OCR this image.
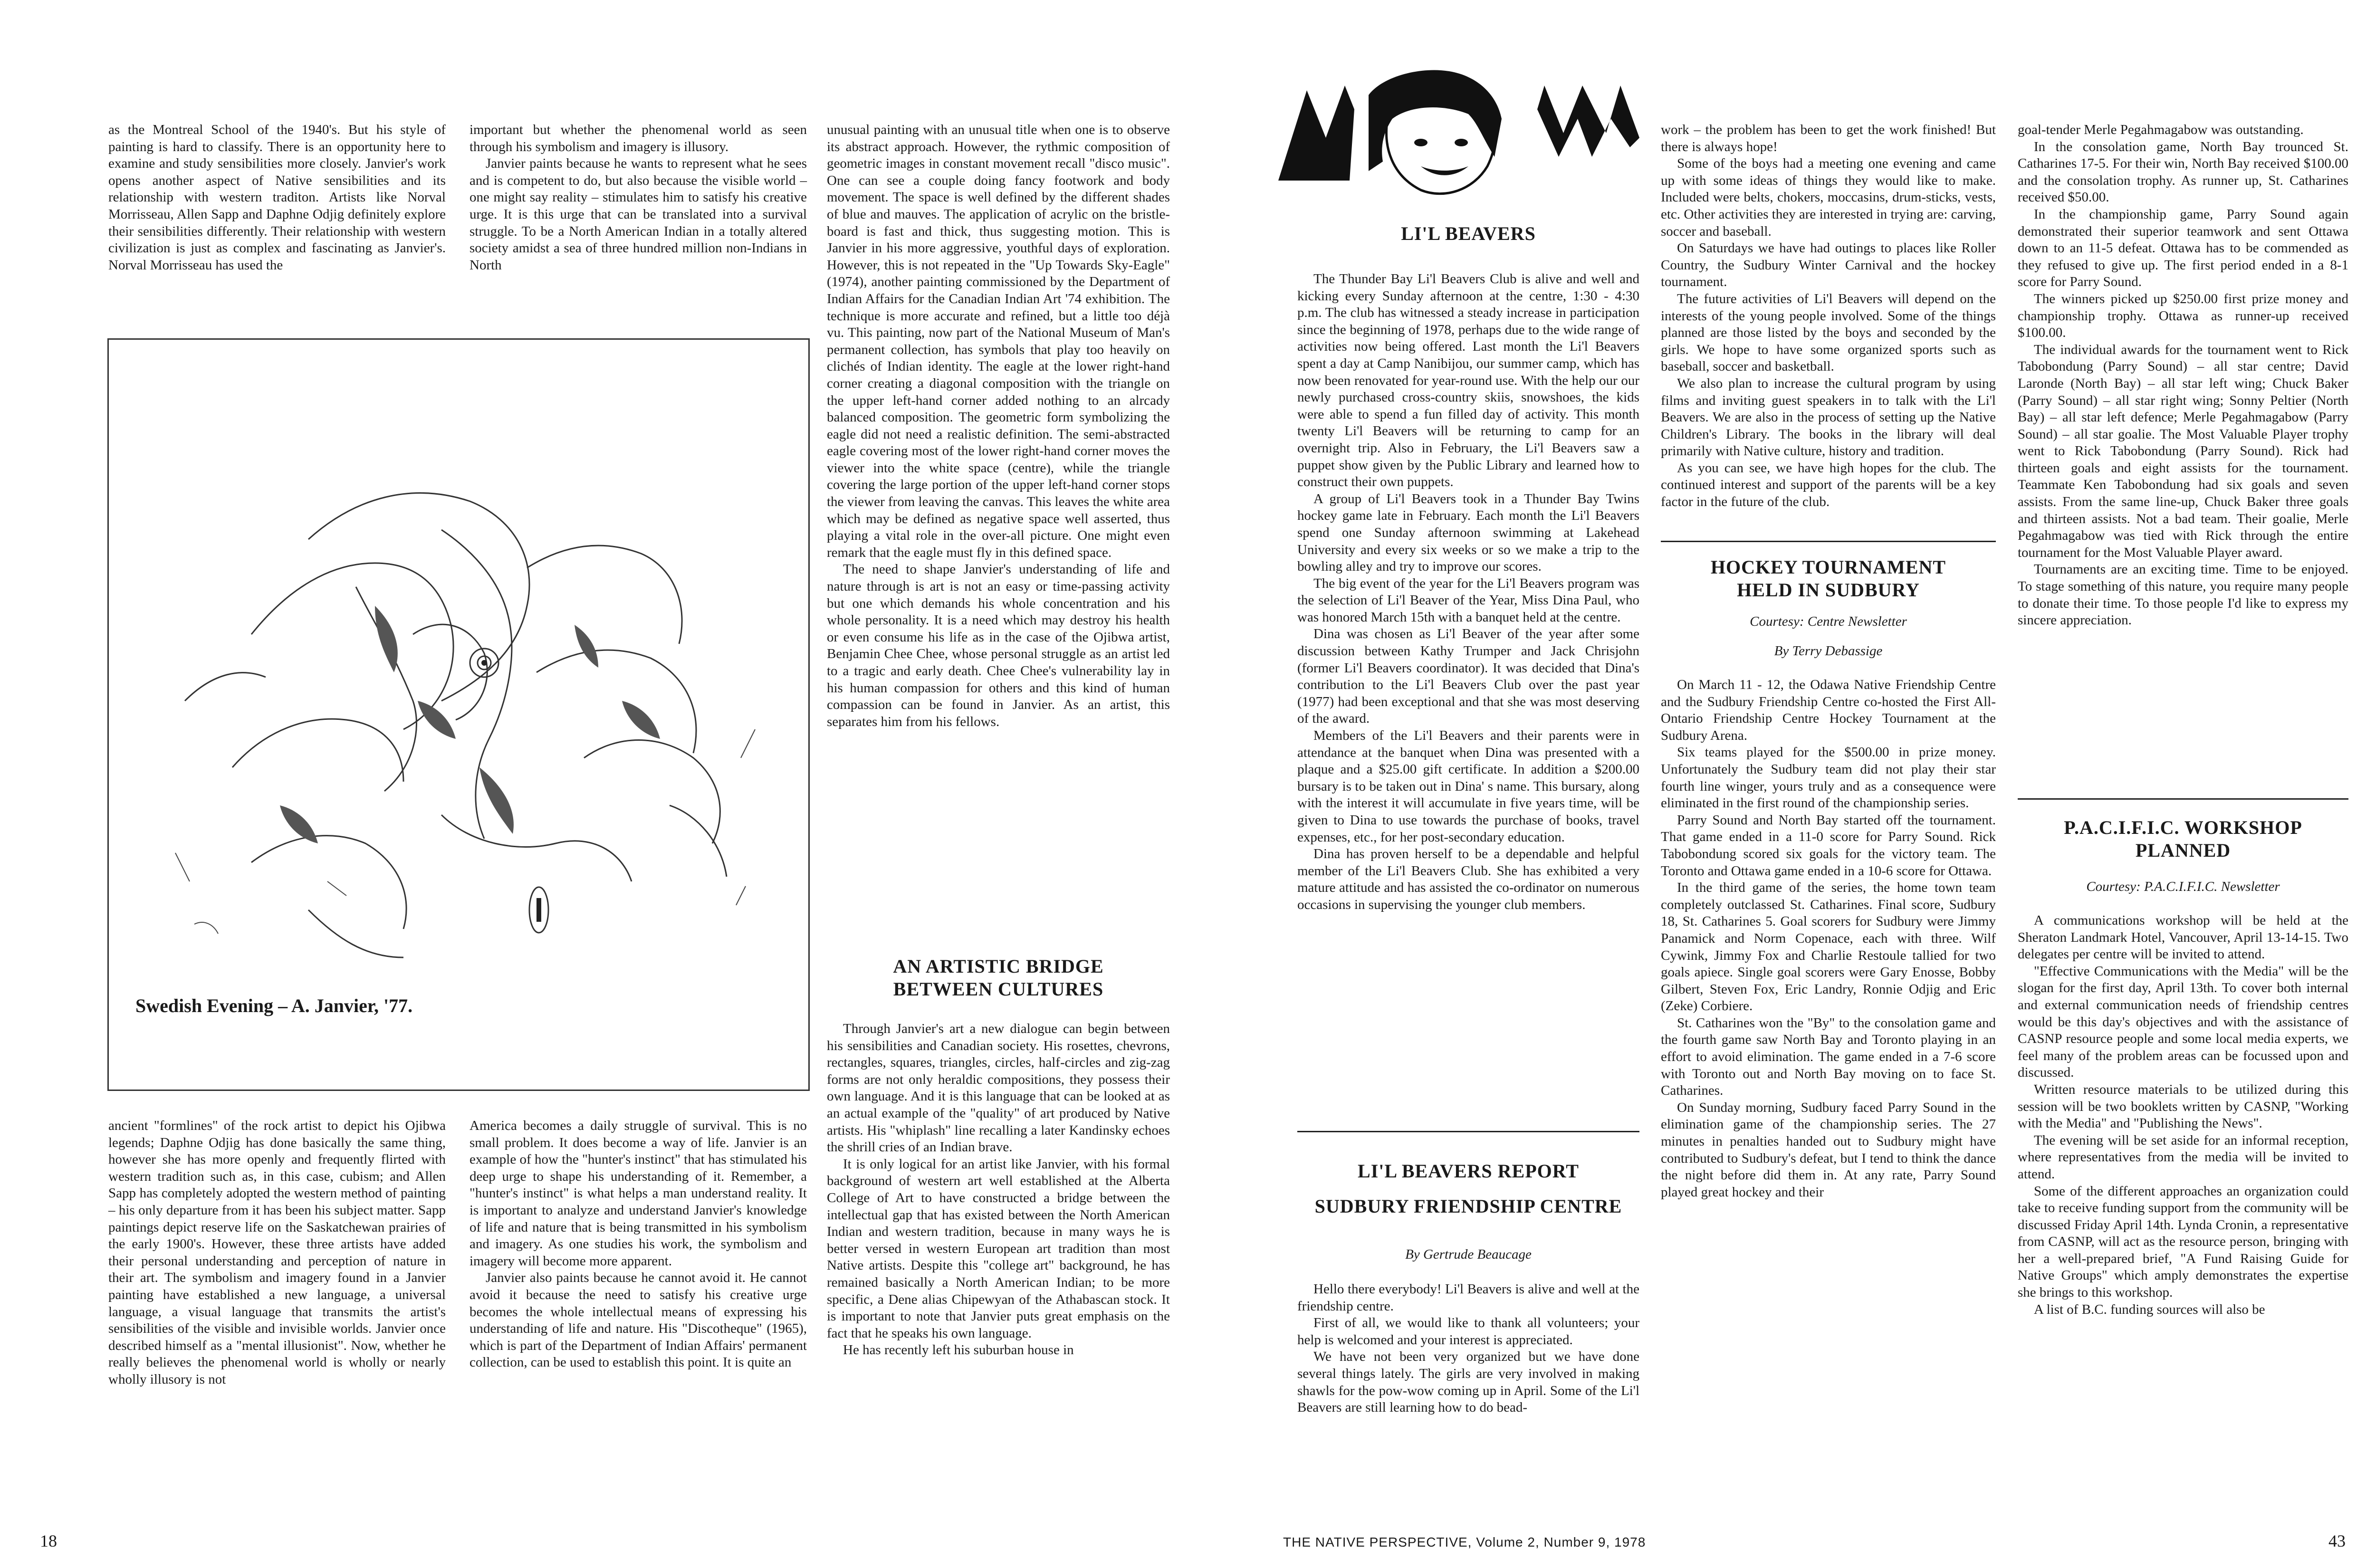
as the Montreal School of the 1940's. But his style of painting is hard to classify. There is an opportunity here to examine and study sensibilities more closely. Janvier's work opens another aspect of Native sensibilities and its relationship with western traditon. Artists like Norval Morrisseau, Allen Sapp and Daphne Odjig definitely explore their sensibilities differently. Their relationship with western civilization is just as complex and fascinating as Janvier's. Norval Morrisseau has used the

important but whether the phenomenal world as seen through his symbolism and imagery is illusory.

Janvier paints because he wants to represent what he sees and is competent to do, but also because the visible world – one might say reality – stimulates him to satisfy his creative urge. It is this urge that can be translated into a survival struggle. To be a North American Indian in a totally altered society amidst a sea of three hundred million non-Indians in North

Swedish Evening – A. Janvier, '77.

ancient "formlines" of the rock artist to depict his Ojibwa legends; Daphne Odjig has done basically the same thing, however she has more openly and frequently flirted with western tradition such as, in this case, cubism; and Allen Sapp has completely adopted the western method of painting – his only departure from it has been his subject matter. Sapp paintings depict reserve life on the Saskatchewan prairies of the early 1900's. However, these three artists have added their personal understanding and perception of nature in their art. The symbolism and imagery found in a Janvier painting have established a new language, a universal language, a visual language that transmits the artist's sensibilities of the visible and invisible worlds. Janvier once described himself as a "mental illusionist". Now, whether he really believes the phenomenal world is wholly or nearly wholly illusory is not

America becomes a daily struggle of survival. This is no small problem. It does become a way of life. Janvier is an example of how the "hunter's instinct" that has stimulated his deep urge to shape his understanding of it. Remember, a "hunter's instinct" is what helps a man understand reality. It is important to analyze and understand Janvier's knowledge of life and nature that is being transmitted in his symbolism and imagery. As one studies his work, the symbolism and imagery will become more apparent.

Janvier also paints because he cannot avoid it. He cannot avoid it because the need to satisfy his creative urge becomes the whole intellectual means of expressing his understanding of life and nature. His "Discotheque" (1965), which is part of the Department of Indian Affairs' permanent collection, can be used to establish this point. It is quite an

unusual painting with an unusual title when one is to observe its abstract approach. However, the rythmic composition of geometric images in constant movement recall "disco music". One can see a couple doing fancy footwork and body movement. The space is well defined by the different shades of blue and mauves. The application of acrylic on the bristle-board is fast and thick, thus suggesting motion. This is Janvier in his more aggressive, youthful days of exploration. However, this is not repeated in the "Up Towards Sky-Eagle" (1974), another painting commissioned by the Department of Indian Affairs for the Canadian Indian Art '74 exhibition. The technique is more accurate and refined, but a little too déjà vu. This painting, now part of the National Museum of Man's permanent collection, has symbols that play too heavily on clichés of Indian identity. The eagle at the lower right-hand corner creating a diagonal composition with the triangle on the upper left-hand corner added nothing to an alrcady balanced composition. The geometric form symbolizing the eagle did not need a realistic definition. The semi-abstracted eagle covering most of the lower right-hand corner moves the viewer into the white space (centre), while the triangle covering the large portion of the upper left-hand corner stops the viewer from leaving the canvas. This leaves the white area which may be defined as negative space well asserted, thus playing a vital role in the over-all picture. One might even remark that the eagle must fly in this defined space.

The need to shape Janvier's understanding of life and nature through is art is not an easy or time-passing activity but one which demands his whole concentration and his whole personality. It is a need which may destroy his health or even consume his life as in the case of the Ojibwa artist, Benjamin Chee Chee, whose personal struggle as an artist led to a tragic and early death. Chee Chee's vulnerability lay in his human compassion for others and this kind of human compassion can be found in Janvier. As an artist, this separates him from his fellows.

AN ARTISTIC BRIDGE
BETWEEN CULTURES

Through Janvier's art a new dialogue can begin between his sensibilities and Canadian society. His rosettes, chevrons, rectangles, squares, triangles, circles, half-circles and zig-zag forms are not only heraldic compositions, they possess their own language. And it is this language that can be looked at as an actual example of the "quality" of art produced by Native artists. His "whiplash" line recalling a later Kandinsky echoes the shrill cries of an Indian brave.

It is only logical for an artist like Janvier, with his formal background of western art well established at the Alberta College of Art to have constructed a bridge between the intellectual gap that has existed between the North American Indian and western tradition, because in many ways he is better versed in western European art tradition than most Native artists. Despite this "college art" background, he has remained basically a North American Indian; to be more specific, a Dene alias Chipewyan of the Athabascan stock. It is important to note that Janvier puts great emphasis on the fact that he speaks his own language.

He has recently left his suburban house in

18
LI'L BEAVERS

The Thunder Bay Li'l Beavers Club is alive and well and kicking every Sunday afternoon at the centre, 1:30 - 4:30 p.m. The club has witnessed a steady increase in participation since the beginning of 1978, perhaps due to the wide range of activities now being offered. Last month the Li'l Beavers spent a day at Camp Nanibijou, our summer camp, which has now been renovated for year-round use. With the help our our newly purchased cross-country skiis, snowshoes, the kids were able to spend a fun filled day of activity. This month twenty Li'l Beavers will be returning to camp for an overnight trip. Also in February, the Li'l Beavers saw a puppet show given by the Public Library and learned how to construct their own puppets.

A group of Li'l Beavers took in a Thunder Bay Twins hockey game late in February. Each month the Li'l Beavers spend one Sunday afternoon swimming at Lakehead University and every six weeks or so we make a trip to the bowling alley and try to improve our scores.

The big event of the year for the Li'l Beavers program was the selection of Li'l Beaver of the Year, Miss Dina Paul, who was honored March 15th with a banquet held at the centre.

Dina was chosen as Li'l Beaver of the year after some discussion between Kathy Trumper and Jack Chrisjohn (former Li'l Beavers coordinator). It was decided that Dina's contribution to the Li'l Beavers Club over the past year (1977) had been exceptional and that she was most deserving of the award.

Members of the Li'l Beavers and their parents were in attendance at the banquet when Dina was presented with a plaque and a $25.00 gift certificate. In addition a $200.00 bursary is to be taken out in Dina' s name. This bursary, along with the interest it will accumulate in five years time, will be given to Dina to use towards the purchase of books, travel expenses, etc., for her post-secondary education.

Dina has proven herself to be a dependable and helpful member of the Li'l Beavers Club. She has exhibited a very mature attitude and has assisted the co-ordinator on numerous occasions in supervising the younger club members.

LI'L BEAVERS REPORT
SUDBURY FRIENDSHIP CENTRE
By Gertrude Beaucage

Hello there everybody! Li'l Beavers is alive and well at the friendship centre.

First of all, we would like to thank all volunteers; your help is welcomed and your interest is appreciated.

We have not been very organized but we have done several things lately. The girls are very involved in making shawls for the pow-wow coming up in April. Some of the Li'l Beavers are still learning how to do bead-

work – the problem has been to get the work finished! But there is always hope!

Some of the boys had a meeting one evening and came up with some ideas of things they would like to make. Included were belts, chokers, moccasins, drum-sticks, vests, etc. Other activities they are interested in trying are: carving, soccer and baseball.

On Saturdays we have had outings to places like Roller Country, the Sudbury Winter Carnival and the hockey tournament.

The future activities of Li'l Beavers will depend on the interests of the young people involved. Some of the things planned are those listed by the boys and seconded by the girls. We hope to have some organized sports such as baseball, soccer and basketball.

We also plan to increase the cultural program by using films and inviting guest speakers in to talk with the Li'l Beavers. We are also in the process of setting up the Native Children's Library. The books in the library will deal primarily with Native culture, history and tradition.

As you can see, we have high hopes for the club. The continued interest and support of the parents will be a key factor in the future of the club.

HOCKEY TOURNAMENT
HELD IN SUDBURY
Courtesy: Centre Newsletter
By Terry Debassige

On March 11 - 12, the Odawa Native Friendship Centre and the Sudbury Friendship Centre co-hosted the First All-Ontario Friendship Centre Hockey Tournament at the Sudbury Arena.

Six teams played for the $500.00 in prize money. Unfortunately the Sudbury team did not play their star fourth line winger, yours truly and as a consequence were eliminated in the first round of the championship series.

Parry Sound and North Bay started off the tournament. That game ended in a 11-0 score for Parry Sound. Rick Tabobondung scored six goals for the victory team. The Toronto and Ottawa game ended in a 10-6 score for Ottawa.

In the third game of the series, the home town team completely outclassed St. Catharines. Final score, Sudbury 18, St. Catharines 5. Goal scorers for Sudbury were Jimmy Panamick and Norm Copenace, each with three. Wilf Cywink, Jimmy Fox and Charlie Restoule tallied for two goals apiece. Single goal scorers were Gary Enosse, Bobby Gilbert, Steven Fox, Eric Landry, Ronnie Odjig and Eric (Zeke) Corbiere.

St. Catharines won the "By" to the consolation game and the fourth game saw North Bay and Toronto playing in an effort to avoid elimination. The game ended in a 7-6 score with Toronto out and North Bay moving on to face St. Catharines.

On Sunday morning, Sudbury faced Parry Sound in the elimination game of the championship series. The 27 minutes in penalties handed out to Sudbury might have contributed to Sudbury's defeat, but I tend to think the dance the night before did them in. At any rate, Parry Sound played great hockey and their

goal-tender Merle Pegahmagabow was outstanding.

In the consolation game, North Bay trounced St. Catharines 17-5. For their win, North Bay received $100.00 and the consolation trophy. As runner up, St. Catharines received $50.00.

In the championship game, Parry Sound again demonstrated their superior teamwork and sent Ottawa down to an 11-5 defeat. Ottawa has to be commended as they refused to give up. The first period ended in a 8-1 score for Parry Sound.

The winners picked up $250.00 first prize money and championship trophy. Ottawa as runner-up received $100.00.

The individual awards for the tournament went to Rick Tabobondung (Parry Sound) – all star centre; David Laronde (North Bay) – all star left wing; Chuck Baker (Parry Sound) – all star right wing; Sonny Peltier (North Bay) – all star left defence; Merle Pegahmagabow (Parry Sound) – all star goalie. The Most Valuable Player trophy went to Rick Tabobondung (Parry Sound). Rick had thirteen goals and eight assists for the tournament. Teammate Ken Tabobondung had six goals and seven assists. From the same line-up, Chuck Baker three goals and thirteen assists. Not a bad team. Their goalie, Merle Pegahmagabow was tied with Rick through the entire tournament for the Most Valuable Player award.

Tournaments are an exciting time. Time to be enjoyed. To stage something of this nature, you require many people to donate their time. To those people I'd like to express my sincere appreciation.

P.A.C.I.F.I.C. WORKSHOP
PLANNED
Courtesy: P.A.C.I.F.I.C. Newsletter

A communications workshop will be held at the Sheraton Landmark Hotel, Vancouver, April 13-14-15. Two delegates per centre will be invited to attend.

"Effective Communications with the Media" will be the slogan for the first day, April 13th. To cover both internal and external communication needs of friendship centres would be this day's objectives and with the assistance of CASNP resource people and some local media experts, we feel many of the problem areas can be focussed upon and discussed.

Written resource materials to be utilized during this session will be two booklets written by CASNP, "Working with the Media" and "Publishing the News".

The evening will be set aside for an informal reception, where representatives from the media will be invited to attend.

Some of the different approaches an organization could take to receive funding support from the community will be discussed Friday April 14th. Lynda Cronin, a representative from CASNP, will act as the resource person, bringing with her a well-prepared brief, "A Fund Raising Guide for Native Groups" which amply demonstrates the expertise she brings to this workshop.

A list of B.C. funding sources will also be

THE NATIVE PERSPECTIVE, Volume 2, Number 9, 1978	43
